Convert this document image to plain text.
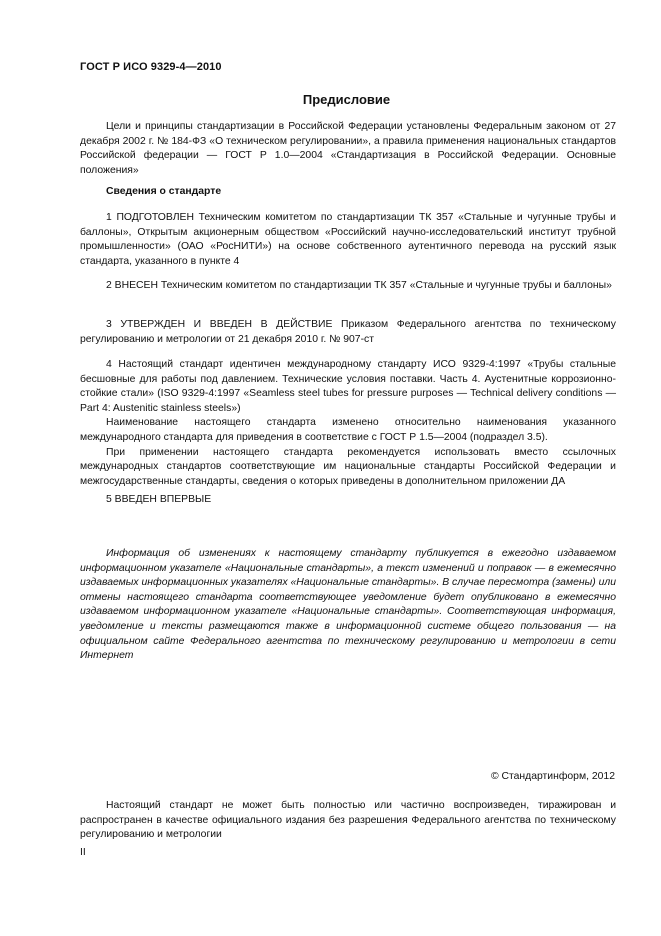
ГОСТ Р ИСО 9329-4—2010
Предисловие

Цели и принципы стандартизации в Российской Федерации установлены Федеральным законом от 27 декабря 2002 г. № 184-ФЗ «О техническом регулировании», а правила применения национальных стандартов Российской федерации — ГОСТ Р 1.0—2004 «Стандартизация в Российской Федерации. Основные положения»

Сведения о стандарте

1 ПОДГОТОВЛЕН Техническим комитетом по стандартизации ТК 357 «Стальные и чугунные трубы и баллоны», Открытым акционерным обществом «Российский научно-исследовательский институт трубной промышленности» (ОАО «РосНИТИ») на основе собственного аутентичного перевода на русский язык стандарта, указанного в пункте 4

2 ВНЕСЕН Техническим комитетом по стандартизации ТК 357 «Стальные и чугунные трубы и баллоны»

3 УТВЕРЖДЕН И ВВЕДЕН В ДЕЙСТВИЕ Приказом Федерального агентства по техническому регулированию и метрологии от 21 декабря 2010 г. № 907-ст

4 Настоящий стандарт идентичен международному стандарту ИСО 9329-4:1997 «Трубы стальные бесшовные для работы под давлением. Технические условия поставки. Часть 4. Аустенитные коррозионно-стойкие стали» (ISO 9329-4:1997 «Seamless steel tubes for pressure purposes — Technical delivery conditions — Part 4: Austenitic stainless steels»)

Наименование настоящего стандарта изменено относительно наименования указанного международного стандарта для приведения в соответствие с ГОСТ Р 1.5—2004 (подраздел 3.5).

При применении настоящего стандарта рекомендуется использовать вместо ссылочных международных стандартов соответствующие им национальные стандарты Российской Федерации и межгосударственные стандарты, сведения о которых приведены в дополнительном приложении ДА

5 ВВЕДЕН ВПЕРВЫЕ

Информация об изменениях к настоящему стандарту публикуется в ежегодно издаваемом информационном указателе «Национальные стандарты», а текст изменений и поправок — в ежемесячно издаваемых информационных указателях «Национальные стандарты». В случае пересмотра (замены) или отмены настоящего стандарта соответствующее уведомление будет опубликовано в ежемесячно издаваемом информационном указателе «Национальные стандарты». Соответствующая информация, уведомление и тексты размещаются также в информационной системе общего пользования — на официальном сайте Федерального агентства по техническому регулированию и метрологии в сети Интернет

© Стандартинформ, 2012

Настоящий стандарт не может быть полностью или частично воспроизведен, тиражирован и распространен в качестве официального издания без разрешения Федерального агентства по техническому регулированию и метрологии

II
